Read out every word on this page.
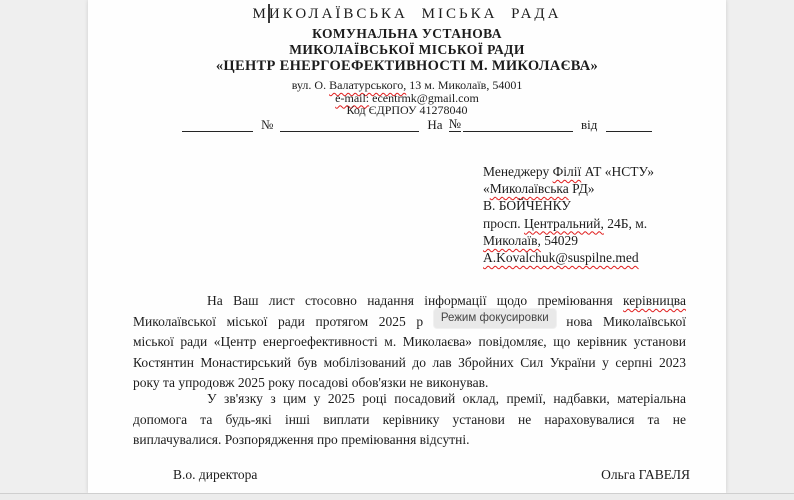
МИКОЛАЇВСЬКА МІСЬКА РАДА
КОМУНАЛЬНА УСТАНОВА
МИКОЛАЇВСЬКОЇ МІСЬКОЇ РАДИ
«ЦЕНТР ЕНЕРГОЕФЕКТИВНОСТІ М. МИКОЛАЄВА»
вул. О. Валатурського, 13 м. Миколаїв, 54001
e-mail: ecentrmk@gmail.com
Код ЄДРПОУ 41278040
№	На №	від
Менеджеру Філії АТ «НСТУ»
«Миколаївська РД»
В. БОЙЧЕНКУ
просп. Центральний, 24Б, м.
Миколаїв, 54029
A.Kovalchuk@suspilne.med
На Ваш лист стосовно надання інформації щодо преміювання керівницва
Миколаївської міської ради протягом 2025 р Режим фокусировки нова Миколаївської
міської ради «Центр енергоефективності м. Миколаєва» повідомляє, що керівник установи
Костянтин Монастирський був мобілізований до лав Збройних Сил України у серпні 2023
року та упродовж 2025 року посадові обов'язки не виконував.
У зв'язку з цим у 2025 році посадовий оклад, премії, надбавки, матеріальна
допомога та будь-які інші виплати керівнику установи не нараховувалися та не
виплачувалися. Розпорядження про преміювання відсутні.
В.о. директора	Ольга ГАВЕЛЯ
